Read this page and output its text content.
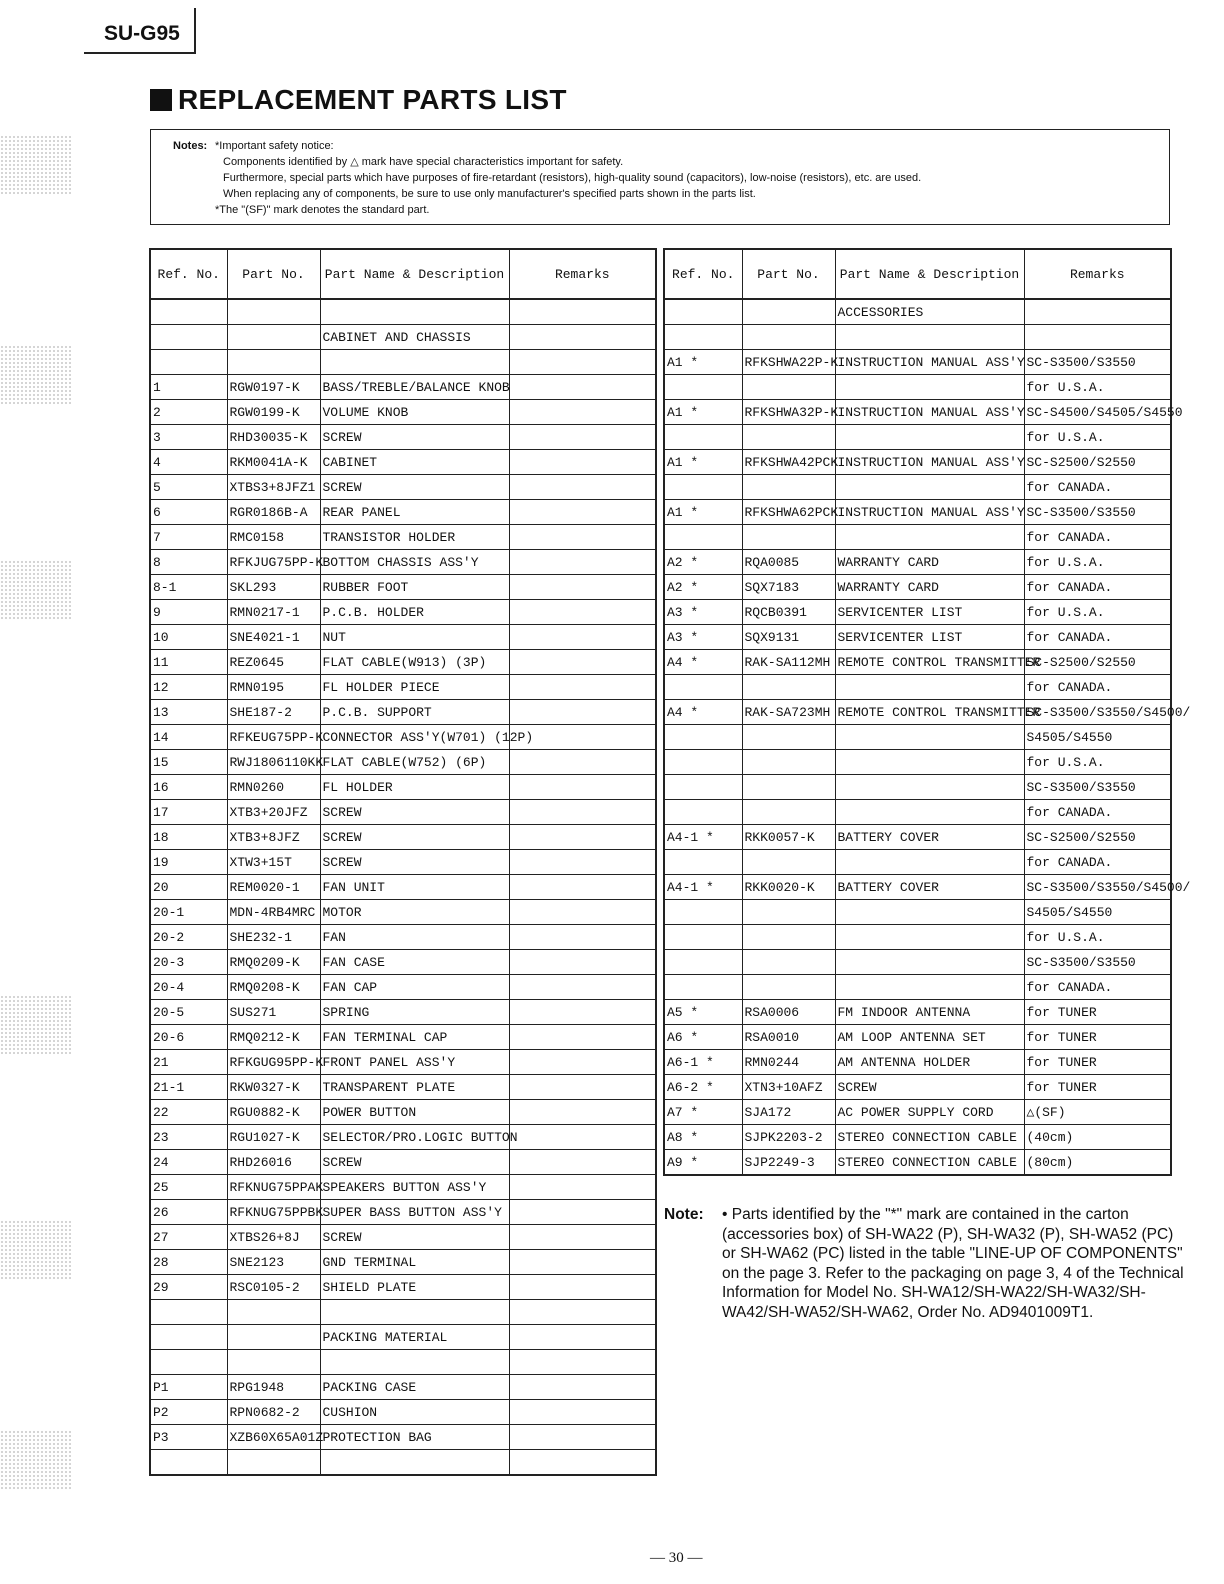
SU-G95
REPLACEMENT PARTS LIST
Notes: *Important safety notice:
Components identified by △ mark have special characteristics important for safety.
Furthermore, special parts which have purposes of fire-retardant (resistors), high-quality sound (capacitors), low-noise (resistors), etc. are used.
When replacing any of components, be sure to use only manufacturer's specified parts shown in the parts list.
*The "(SF)" mark denotes the standard part.
Ref. No.	Part No.	Part Name & Description	Remarks

		CABINET AND CHASSIS	

1	RGW0197-K	BASS/TREBLE/BALANCE KNOB	
2	RGW0199-K	VOLUME KNOB	
3	RHD30035-K	SCREW	
4	RKM0041A-K	CABINET	
5	XTBS3+8JFZ1	SCREW	
6	RGR0186B-A	REAR PANEL	
7	RMC0158	TRANSISTOR HOLDER	
8	RFKJUG75PP-K	BOTTOM CHASSIS ASS'Y	
8-1	SKL293	RUBBER FOOT	
9	RMN0217-1	P.C.B. HOLDER	
10	SNE4021-1	NUT	
11	REZ0645	FLAT CABLE(W913) (3P)	
12	RMN0195	FL HOLDER PIECE	
13	SHE187-2	P.C.B. SUPPORT	
14	RFKEUG75PP-K	CONNECTOR ASS'Y(W701) (12P)	
15	RWJ1806110KK	FLAT CABLE(W752) (6P)	
16	RMN0260	FL HOLDER	
17	XTB3+20JFZ	SCREW	
18	XTB3+8JFZ	SCREW	
19	XTW3+15T	SCREW	
20	REM0020-1	FAN UNIT	
20-1	MDN-4RB4MRC	MOTOR	
20-2	SHE232-1	FAN	
20-3	RMQ0209-K	FAN CASE	
20-4	RMQ0208-K	FAN CAP	
20-5	SUS271	SPRING	
20-6	RMQ0212-K	FAN TERMINAL CAP	
21	RFKGUG95PP-K	FRONT PANEL ASS'Y	
21-1	RKW0327-K	TRANSPARENT PLATE	
22	RGU0882-K	POWER BUTTON	
23	RGU1027-K	SELECTOR/PRO.LOGIC BUTTON	
24	RHD26016	SCREW	
25	RFKNUG75PPAK	SPEAKERS BUTTON ASS'Y	
26	RFKNUG75PPBK	SUPER BASS BUTTON ASS'Y	
27	XTBS26+8J	SCREW	
28	SNE2123	GND TERMINAL	
29	RSC0105-2	SHIELD PLATE	

		PACKING MATERIAL	

P1	RPG1948	PACKING CASE	
P2	RPN0682-2	CUSHION	
P3	XZB60X65A01Z	PROTECTION BAG	

Ref. No.	Part No.	Part Name & Description	Remarks
		ACCESSORIES	

A1 *	RFKSHWA22P-K	INSTRUCTION MANUAL ASS'Y	SC-S3500/S3550
			for U.S.A.
A1 *	RFKSHWA32P-K	INSTRUCTION MANUAL ASS'Y	SC-S4500/S4505/S4550
			for U.S.A.
A1 *	RFKSHWA42PCK	INSTRUCTION MANUAL ASS'Y	SC-S2500/S2550
			for CANADA.
A1 *	RFKSHWA62PCK	INSTRUCTION MANUAL ASS'Y	SC-S3500/S3550
			for CANADA.
A2 *	RQA0085	WARRANTY CARD	for U.S.A.
A2 *	SQX7183	WARRANTY CARD	for CANADA.
A3 *	RQCB0391	SERVICENTER LIST	for U.S.A.
A3 *	SQX9131	SERVICENTER LIST	for CANADA.
A4 *	RAK-SA112MH	REMOTE CONTROL TRANSMITTER	SC-S2500/S2550
			for CANADA.
A4 *	RAK-SA723MH	REMOTE CONTROL TRANSMITTER	SC-S3500/S3550/S4500/
			S4505/S4550
			for U.S.A.
			SC-S3500/S3550
			for CANADA.
A4-1 *	RKK0057-K	BATTERY COVER	SC-S2500/S2550
			for CANADA.
A4-1 *	RKK0020-K	BATTERY COVER	SC-S3500/S3550/S4500/
			S4505/S4550
			for U.S.A.
			SC-S3500/S3550
			for CANADA.
A5 *	RSA0006	FM INDOOR ANTENNA	for TUNER
A6 *	RSA0010	AM LOOP ANTENNA SET	for TUNER
A6-1 *	RMN0244	AM ANTENNA HOLDER	for TUNER
A6-2 *	XTN3+10AFZ	SCREW	for TUNER
A7 *	SJA172	AC POWER SUPPLY CORD	△(SF)
A8 *	SJPK2203-2	STEREO CONNECTION CABLE	(40cm)
A9 *	SJP2249-3	STEREO CONNECTION CABLE	(80cm)
Note: • Parts identified by the "*" mark are contained in the carton (accessories box) of SH-WA22 (P), SH-WA32 (P), SH-WA52 (PC) or SH-WA62 (PC) listed in the table "LINE-UP OF COMPONENTS" on the page 3. Refer to the packaging on page 3, 4 of the Technical Information for Model No. SH-WA12/SH-WA22/SH-WA32/SH-WA42/SH-WA52/SH-WA62, Order No. AD9401009T1.
— 30 —
